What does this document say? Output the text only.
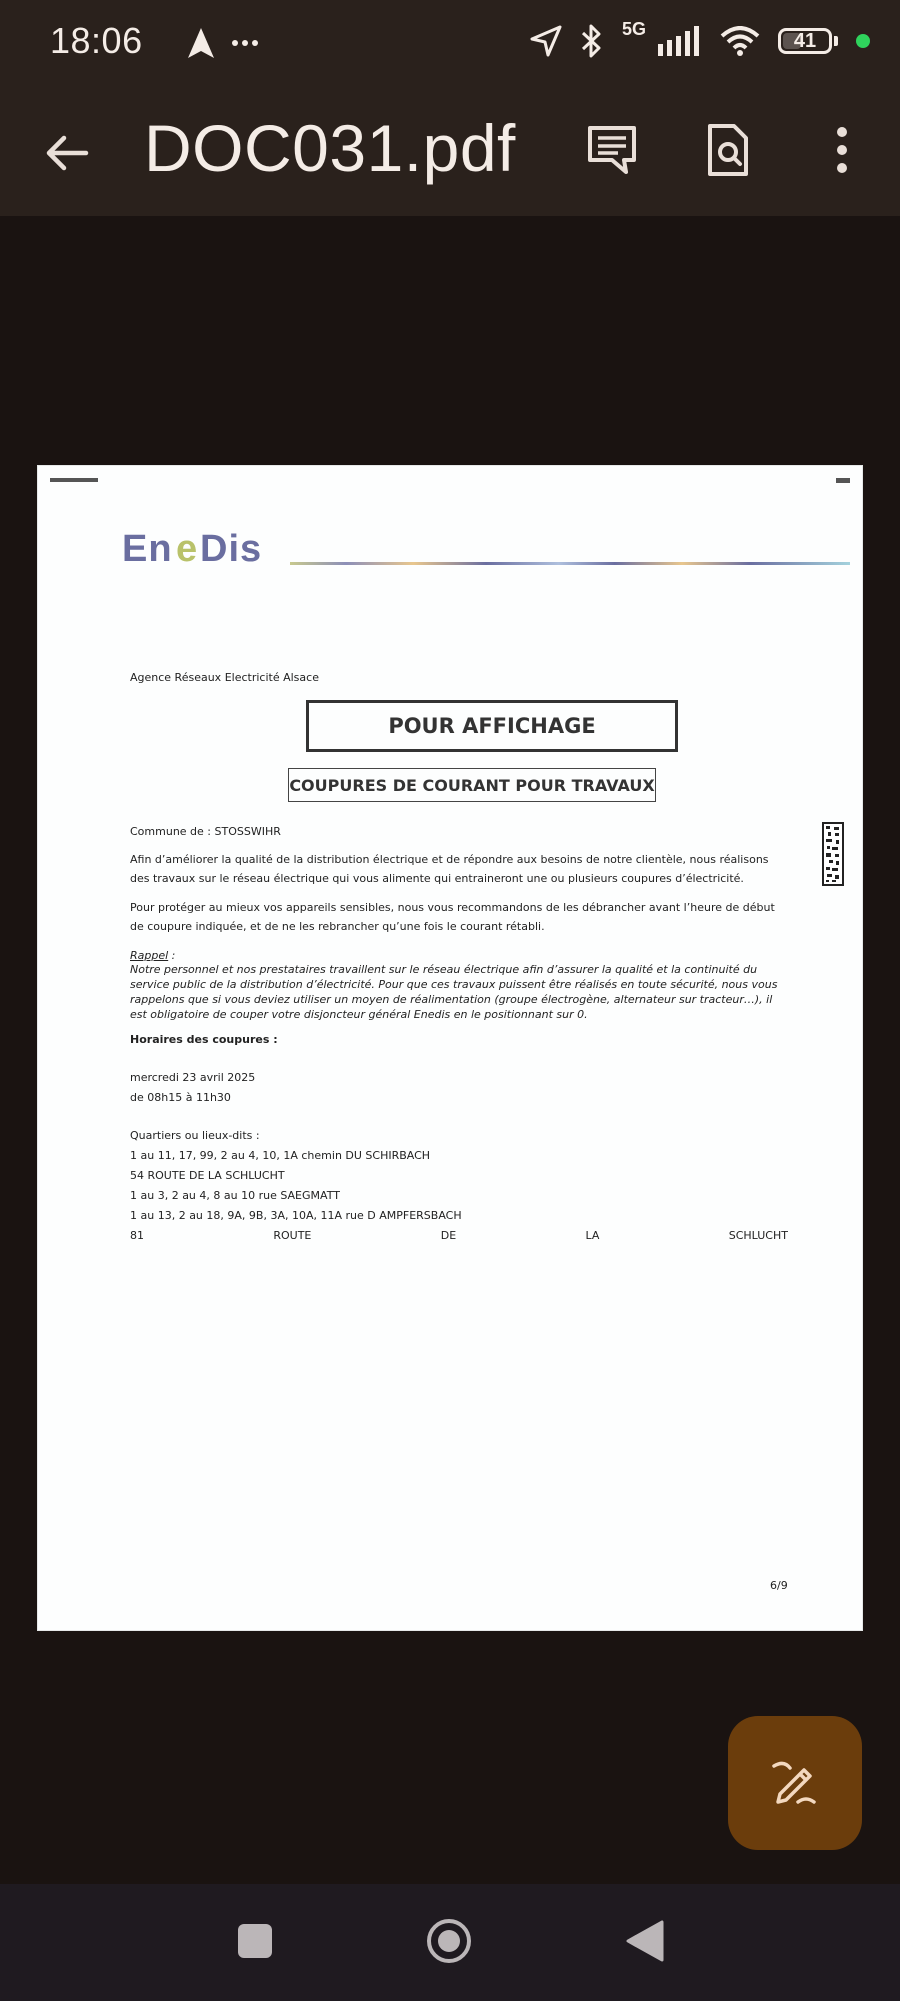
18:06	5G
41
DOC031.pdf
En e Dis
Agence Réseaux Electricité Alsace
POUR AFFICHAGE
COUPURES DE COURANT POUR TRAVAUX
Commune de : STOSSWIHR
Afin d’améliorer la qualité de la distribution électrique et de répondre aux besoins de notre clientèle, nous réalisons des travaux sur le réseau électrique qui vous alimente qui entraineront une ou plusieurs coupures d’électricité.
Pour protéger au mieux vos appareils sensibles, nous vous recommandons de les débrancher avant l’heure de début de coupure indiquée, et de ne les rebrancher qu’une fois le courant rétabli.
Rappel :
Notre personnel et nos prestataires travaillent sur le réseau électrique afin d’assurer la qualité et la continuité du service public de la distribution d’électricité. Pour que ces travaux puissent être réalisés en toute sécurité, nous vous rappelons que si vous deviez utiliser un moyen de réalimentation (groupe électrogène, alternateur sur tracteur…), il est obligatoire de couper votre disjoncteur général Enedis en le positionnant sur 0.
Horaires des coupures :
mercredi 23 avril 2025
de 08h15 à 11h30
Quartiers ou lieux-dits :
1 au 11, 17, 99, 2 au 4, 10, 1A chemin DU SCHIRBACH
54 ROUTE DE LA SCHLUCHT
1 au 3, 2 au 4, 8 au 10 rue SAEGMATT
1 au 13, 2 au 18, 9A, 9B, 3A, 10A, 11A rue D AMPFERSBACH
81	ROUTE	DE	LA	SCHLUCHT
6/9
